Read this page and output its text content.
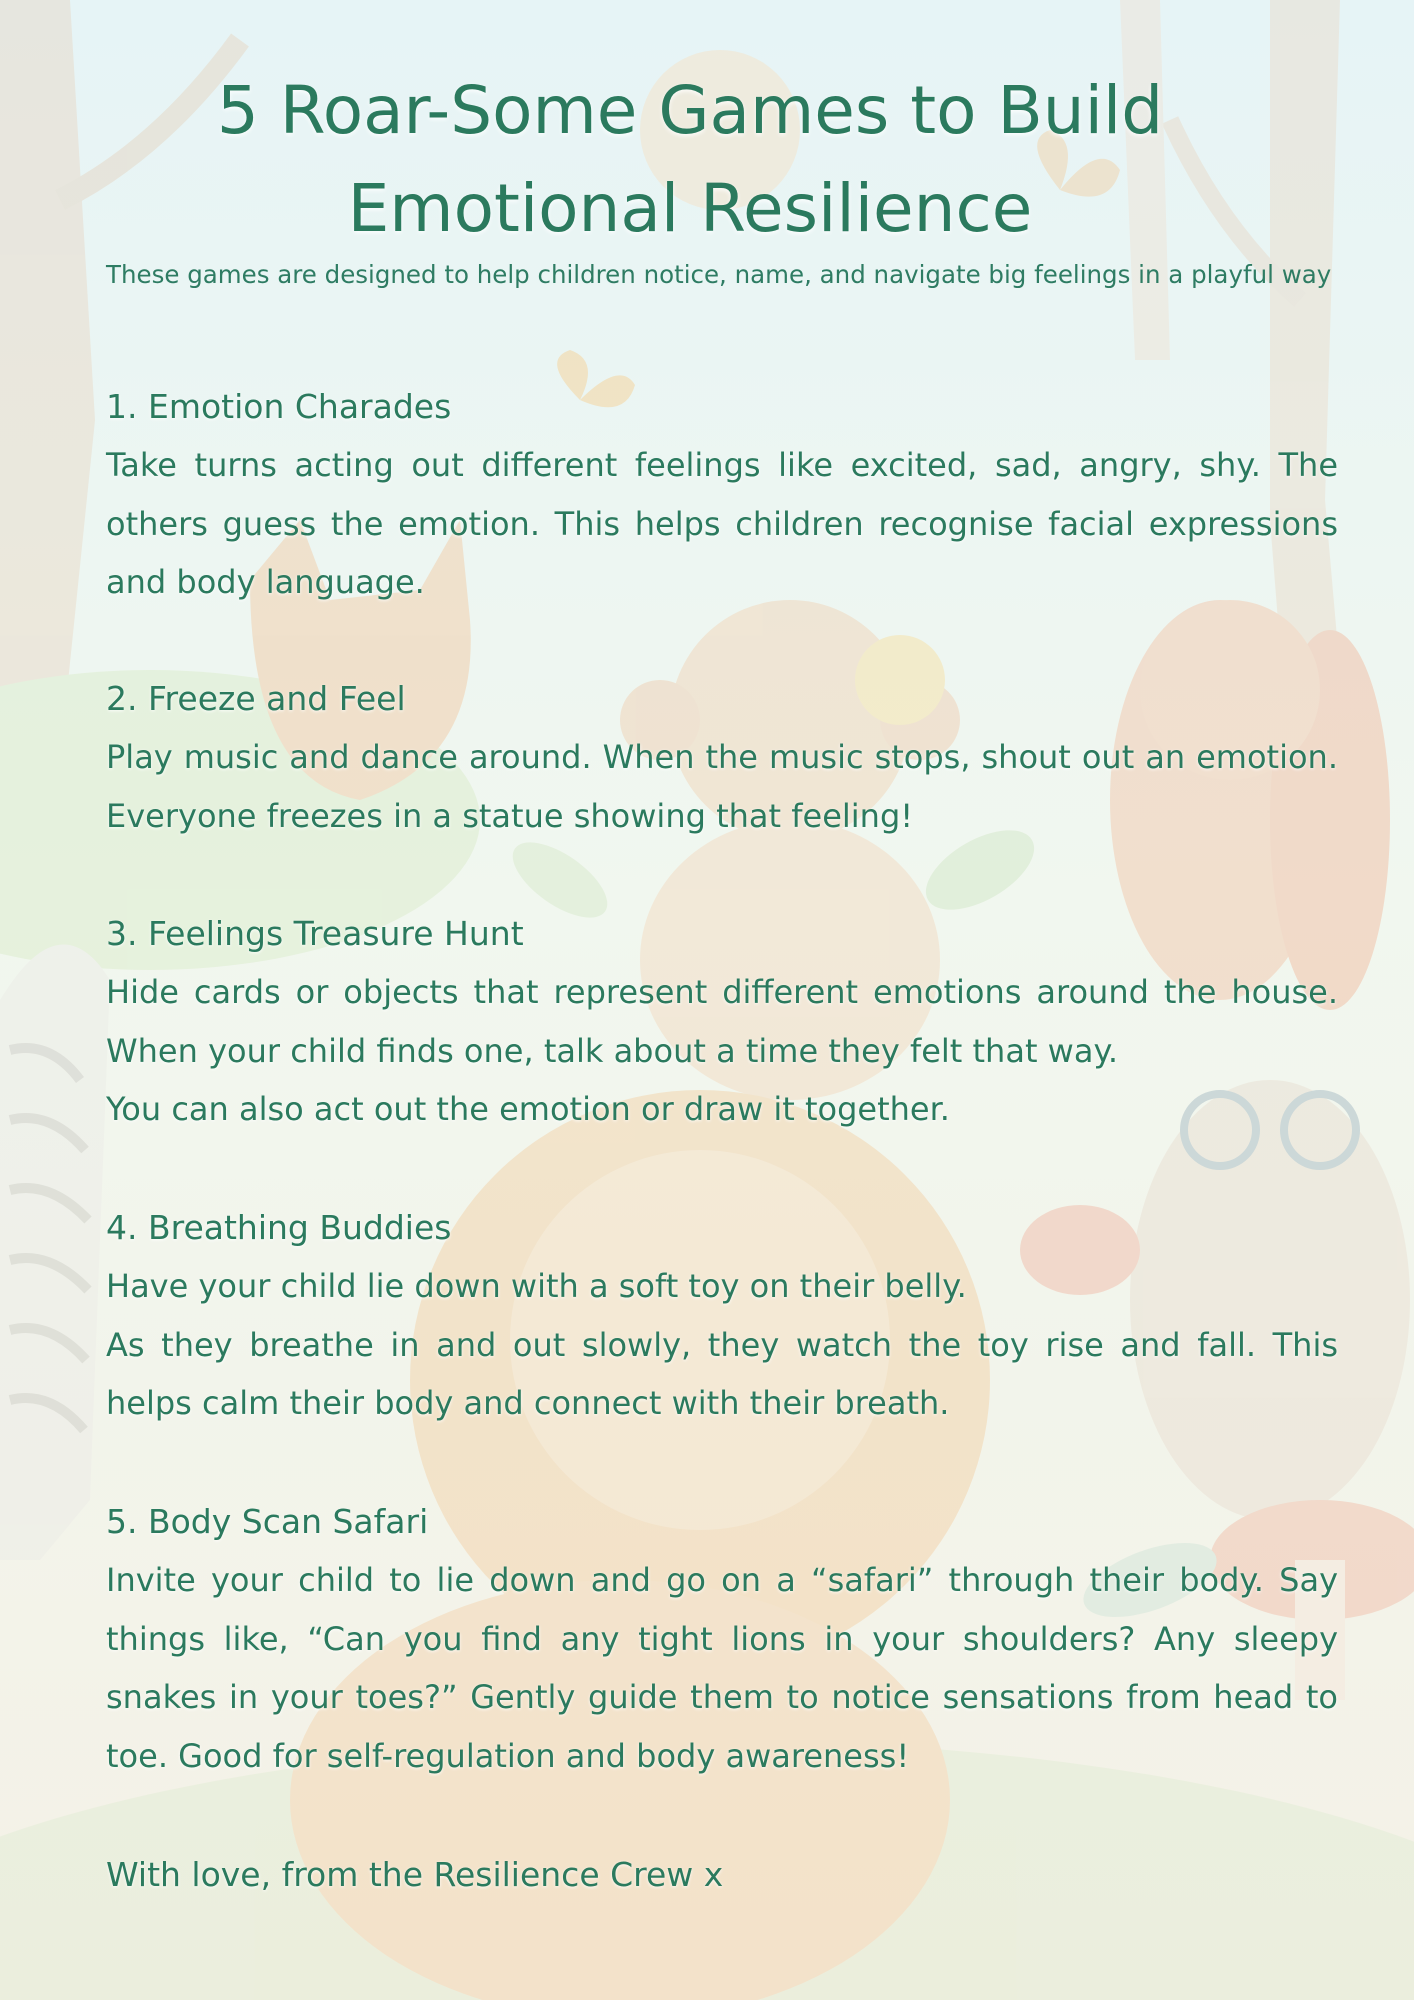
5 Roar-Some Games to Build Emotional Resilience
These games are designed to help children notice, name, and navigate big feelings in a playful way
1. Emotion Charades

Take turns acting out different feelings like excited, sad, angry, shy. The others guess the emotion. This helps children recognise facial expressions and body language.

2. Freeze and Feel

Play music and dance around. When the music stops, shout out an emotion. Everyone freezes in a statue showing that feeling!

3. Feelings Treasure Hunt

Hide cards or objects that represent different emotions around the house. When your child finds one, talk about a time they felt that way.
You can also act out the emotion or draw it together.

4. Breathing Buddies

Have your child lie down with a soft toy on their belly.
As they breathe in and out slowly, they watch the toy rise and fall. This helps calm their body and connect with their breath.

5. Body Scan Safari

Invite your child to lie down and go on a “safari” through their body. Say things like, “Can you find any tight lions in your shoulders? Any sleepy snakes in your toes?” Gently guide them to notice sensations from head to toe. Good for self-regulation and body awareness!

With love, from the Resilience Crew x
